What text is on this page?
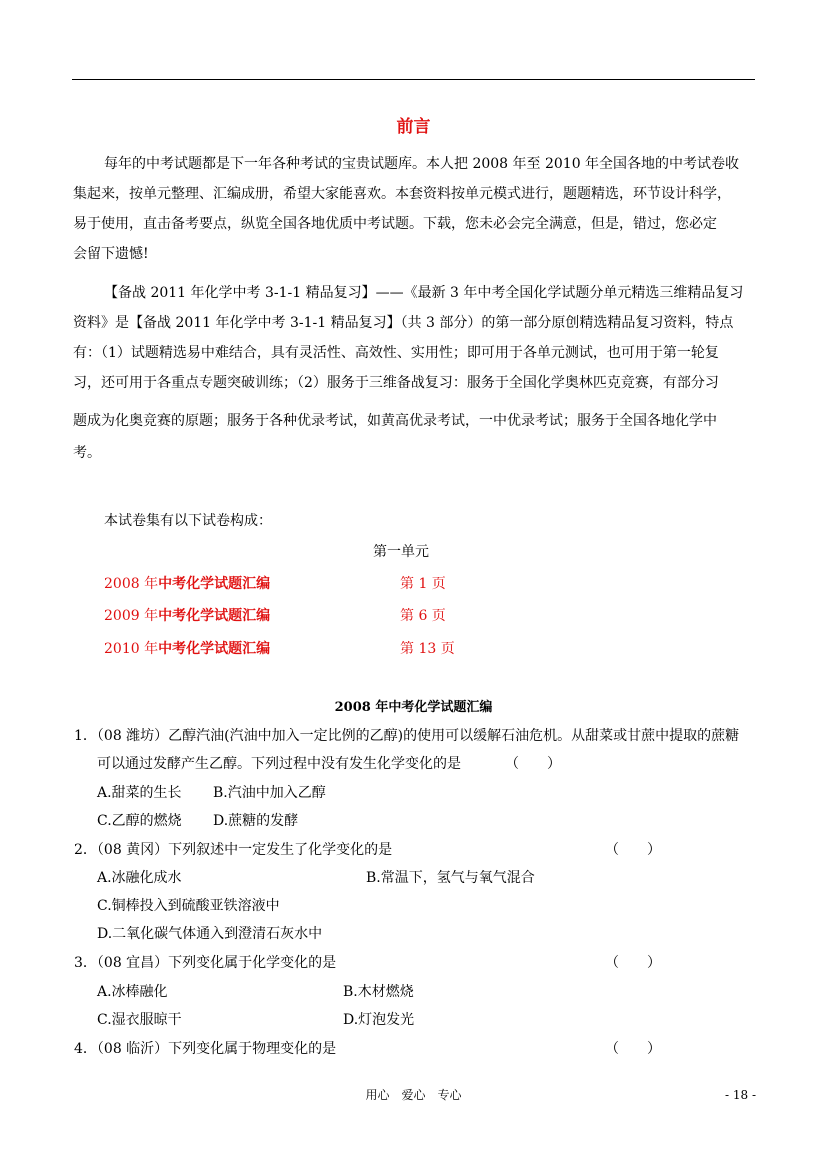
前言
每年的中考试题都是下一年各种考试的宝贵试题库。本人把 2008 年至 2010 年全国各地的中考试卷收
集起来，按单元整理、汇编成册，希望大家能喜欢。本套资料按单元模式进行，题题精选，环节设计科学，
易于使用，直击备考要点，纵览全国各地优质中考试题。下载，您未必会完全满意，但是，错过，您必定
会留下遗憾!
【备战 2011 年化学中考 3-1-1 精品复习】——《最新 3 年中考全国化学试题分单元精选三维精品复习
资料》是【备战 2011 年化学中考 3-1-1 精品复习】（共 3 部分）的第一部分原创精选精品复习资料，特点
有：（1）试题精选易中难结合，具有灵活性、高效性、实用性；即可用于各单元测试，也可用于第一轮复
习，还可用于各重点专题突破训练；（2）服务于三维备战复习：服务于全国化学奥林匹克竞赛，有部分习
题成为化奥竞赛的原题；服务于各种优录考试，如黄高优录考试，一中优录考试；服务于全国各地化学中
考。
本试卷集有以下试卷构成：
第一单元
2008 年中考化学试题汇编	第 1 页
2009 年中考化学试题汇编	第 6 页
2010 年中考化学试题汇编	第 13 页
2008 年中考化学试题汇编
1．（08 潍坊）乙醇汽油(汽油中加入一定比例的乙醇)的使用可以缓解石油危机。从甜菜或甘蔗中提取的蔗糖
可以通过发酵产生乙醇。下列过程中没有发生化学变化的是	（　　）
A.甜菜的生长 B.汽油中加入乙醇
C.乙醇的燃烧 D.蔗糖的发酵
2．（08 黄冈）下列叙述中一定发生了化学变化的是	（　　）
A.冰融化成水	B.常温下，氢气与氧气混合
C.铜棒投入到硫酸亚铁溶液中
D.二氧化碳气体通入到澄清石灰水中
3．（08 宜昌）下列变化属于化学变化的是	（　　）
A.冰棒融化	B.木材燃烧
C.湿衣服晾干	D.灯泡发光
4．（08 临沂）下列变化属于物理变化的是	（　　）
用心　爱心　专心	- 18 -
